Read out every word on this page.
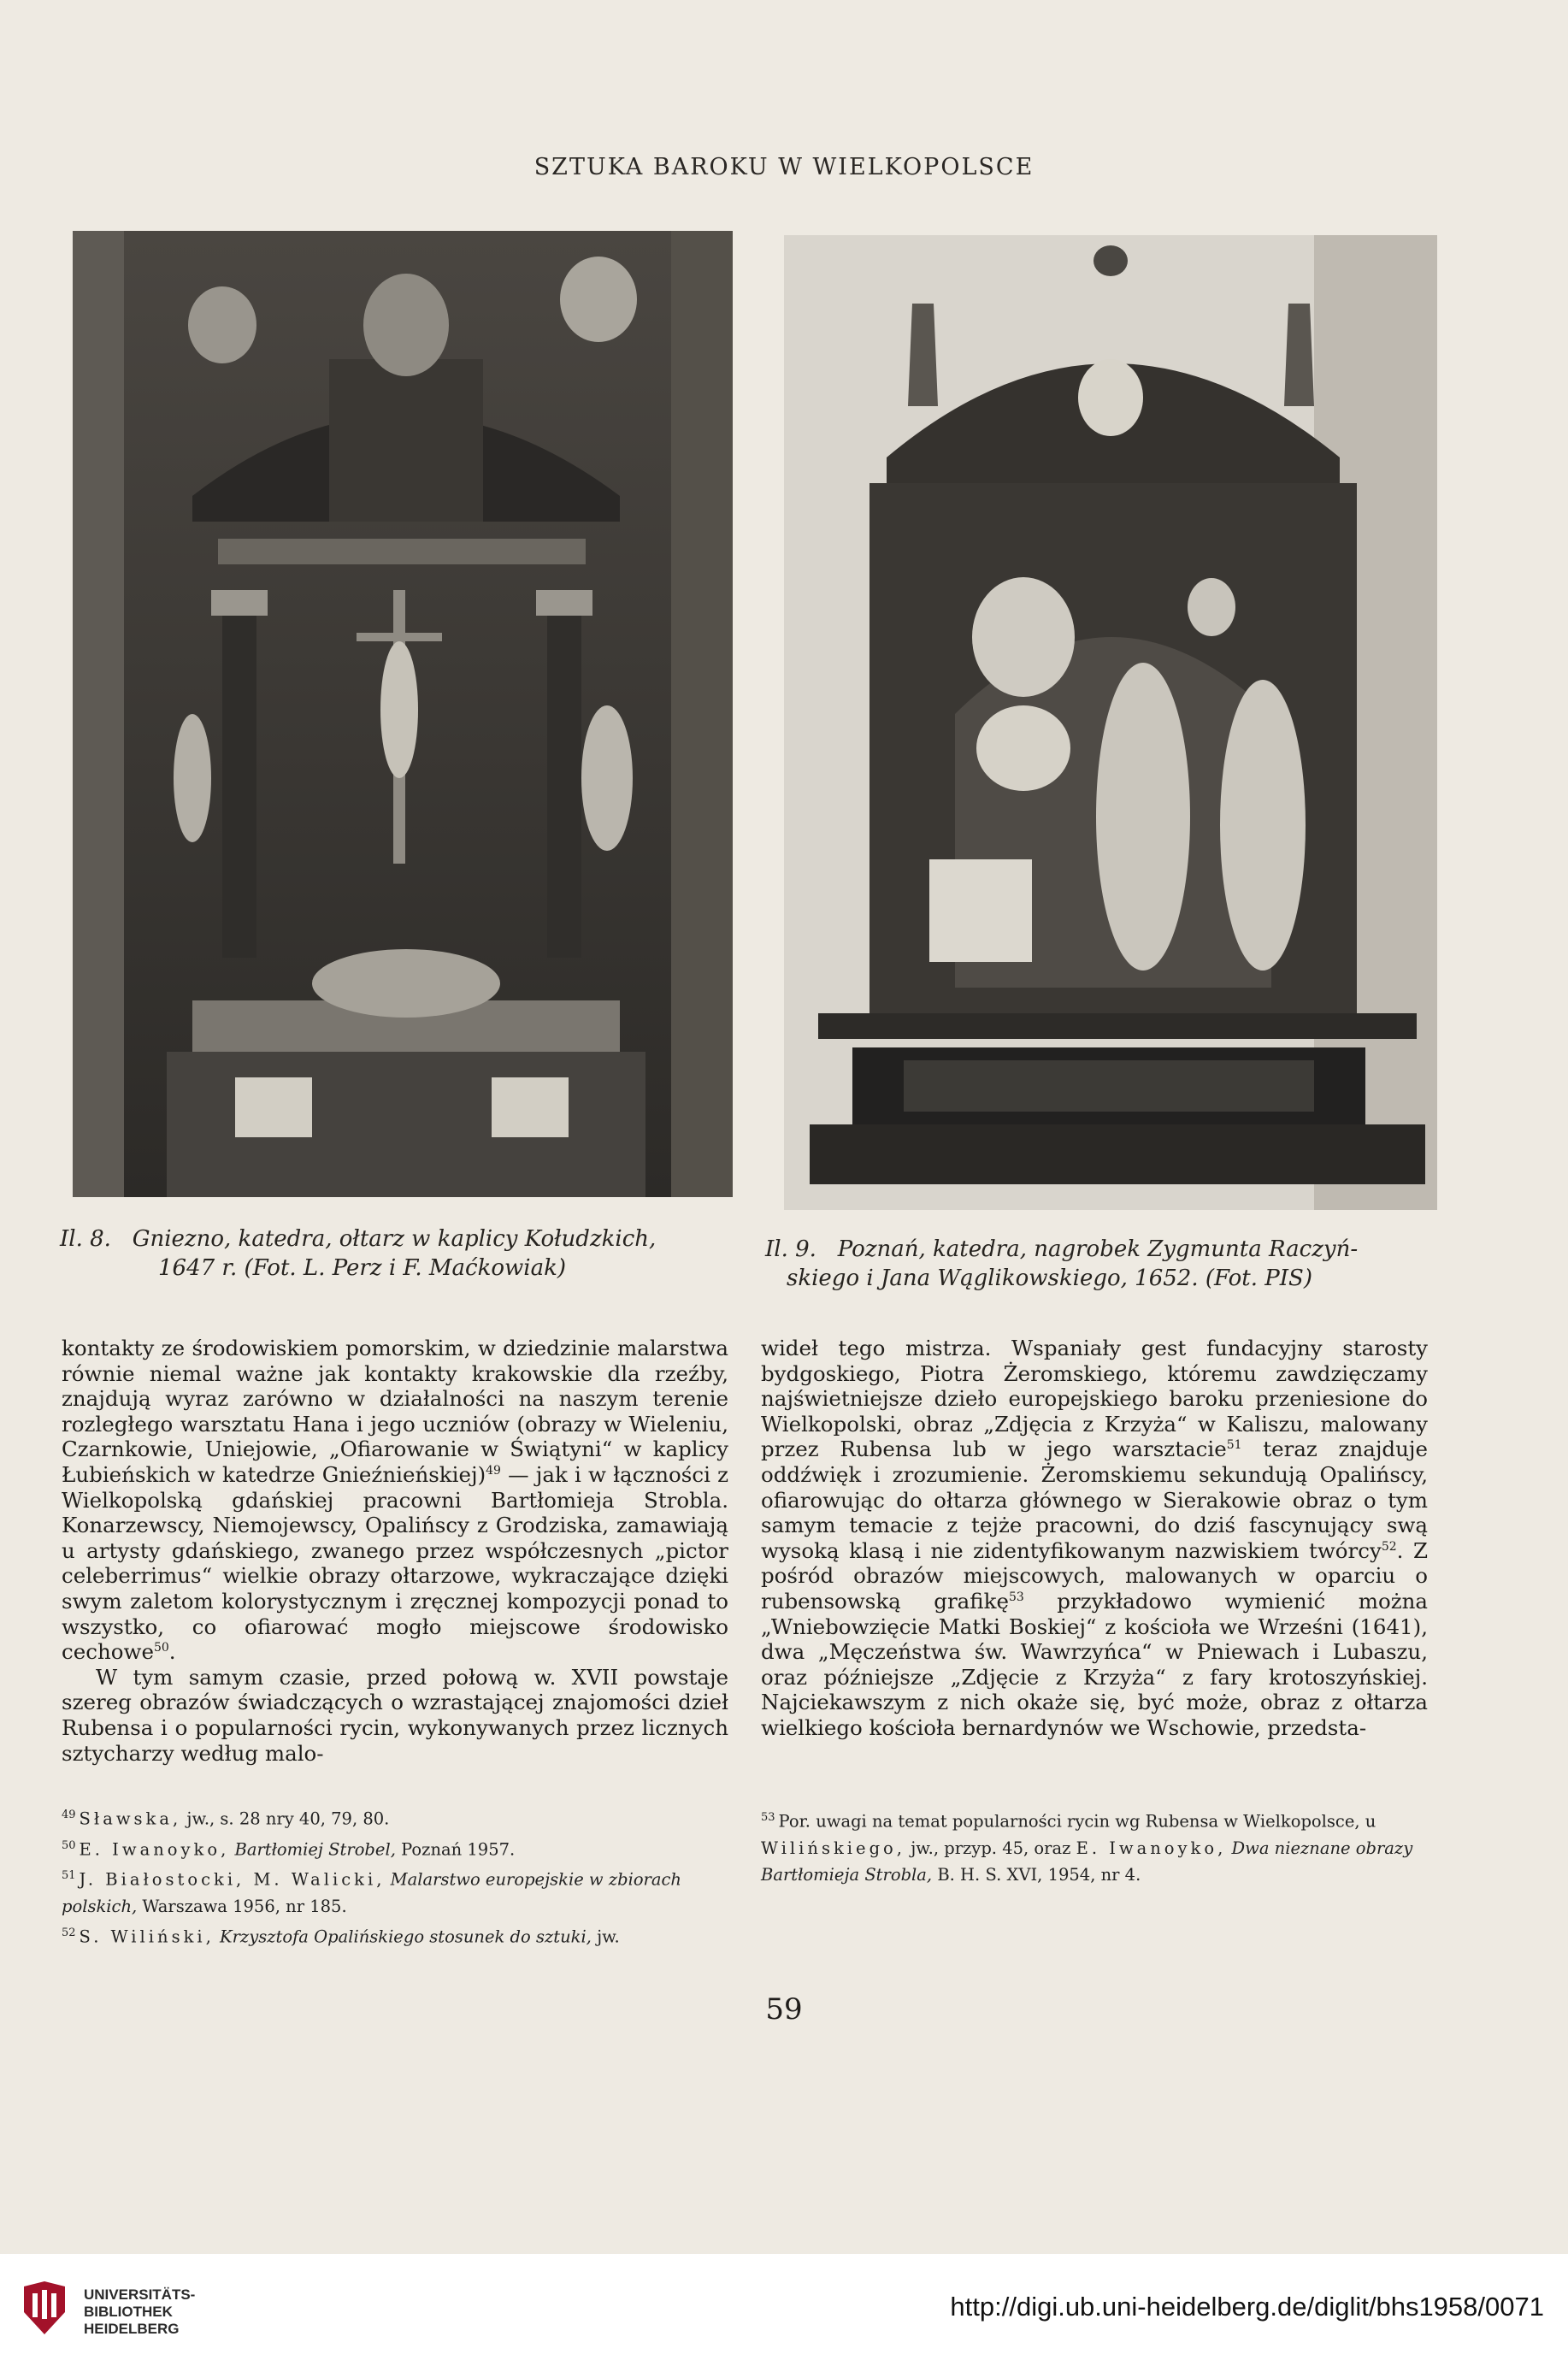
SZTUKA BAROKU W WIELKOPOLSCE
Il. 8. Gniezno, katedra, ołtarz w kaplicy Kołudzkich,
1647 r. (Fot. L. Perz i F. Maćkowiak)
Il. 9. Poznań, katedra, nagrobek Zygmunta Raczyń-
skiego i Jana Wąglikowskiego, 1652. (Fot. PIS)

kontakty ze środowiskiem pomorskim, w dziedzinie malarstwa równie niemal ważne jak kontakty krakowskie dla rzeźby, znajdują wyraz zarówno w działalności na naszym terenie rozległego warsztatu Hana i jego uczniów (obrazy w Wieleniu, Czarnkowie, Uniejowie, „Ofiarowanie w Świątyni“ w kaplicy Łubieńskich w katedrze Gnieźnieńskiej)$^{49}$ — jak i w łączności z Wielkopolską gdańskiej pracowni Bartłomieja Strobla. Konarzewscy, Niemojewscy, Opalińscy z Grodziska, zamawiają u artysty gdańskiego, zwanego przez współczesnych „pictor celeberrimus“ wielkie obrazy ołtarzowe, wykraczające dzięki swym zaletom kolorystycznym i zręcznej kompozycji ponad to wszystko, co ofiarować mogło miejscowe środowisko cechowe$^{50}$.

W tym samym czasie, przed połową w. XVII powstaje szereg obrazów świadczących o wzrastającej znajomości dzieł Rubensa i o popularności rycin, wykonywanych przez licznych sztycharzy według malo-

wideł tego mistrza. Wspaniały gest fundacyjny starosty bydgoskiego, Piotra Żeromskiego, któremu zawdzięczamy najświetniejsze dzieło europejskiego baroku przeniesione do Wielkopolski, obraz „Zdjęcia z Krzyża“ w Kaliszu, malowany przez Rubensa lub w jego warsztacie$^{51}$ teraz znajduje oddźwięk i zrozumienie. Żeromskiemu sekundują Opalińscy, ofiarowując do ołtarza głównego w Sierakowie obraz o tym samym temacie z tejże pracowni, do dziś fascynujący swą wysoką klasą i nie zidentyfikowanym nazwiskiem twórcy$^{52}$. Z pośród obrazów miejscowych, malowanych w oparciu o rubensowską grafikę$^{53}$ przykładowo wymienić można „Wniebowzięcie Matki Boskiej“ z kościoła we Wrześni (1641), dwa „Męczeństwa św. Wawrzyńca“ w Pniewach i Lubaszu, oraz późniejsze „Zdjęcie z Krzyża“ z fary krotoszyńskiej. Najciekawszym z nich okaże się, być może, obraz z ołtarza wielkiego kościoła bernardynów we Wschowie, przedsta-

$^{49}$ Sławska, jw., s. 28 nry 40, 79, 80.

$^{50}$ E. Iwanoyko, Bartłomiej Strobel, Poznań 1957.

$^{51}$ J. Białostocki, M. Walicki, Malarstwo europejskie w zbiorach polskich, Warszawa 1956, nr 185.

$^{52}$ S. Wiliński, Krzysztofa Opalińskiego stosunek do sztuki, jw.

$^{53}$ Por. uwagi na temat popularności rycin wg Rubensa w Wielkopolsce, u Wilińskiego, jw., przyp. 45, oraz E. Iwanoyko, Dwa nieznane obrazy Bartłomieja Strobla, B. H. S. XVI, 1954, nr 4.

59
UNIVERSITÄTS-
BIBLIOTHEK
HEIDELBERG
http://digi.ub.uni-heidelberg.de/diglit/bhs1958/0071
